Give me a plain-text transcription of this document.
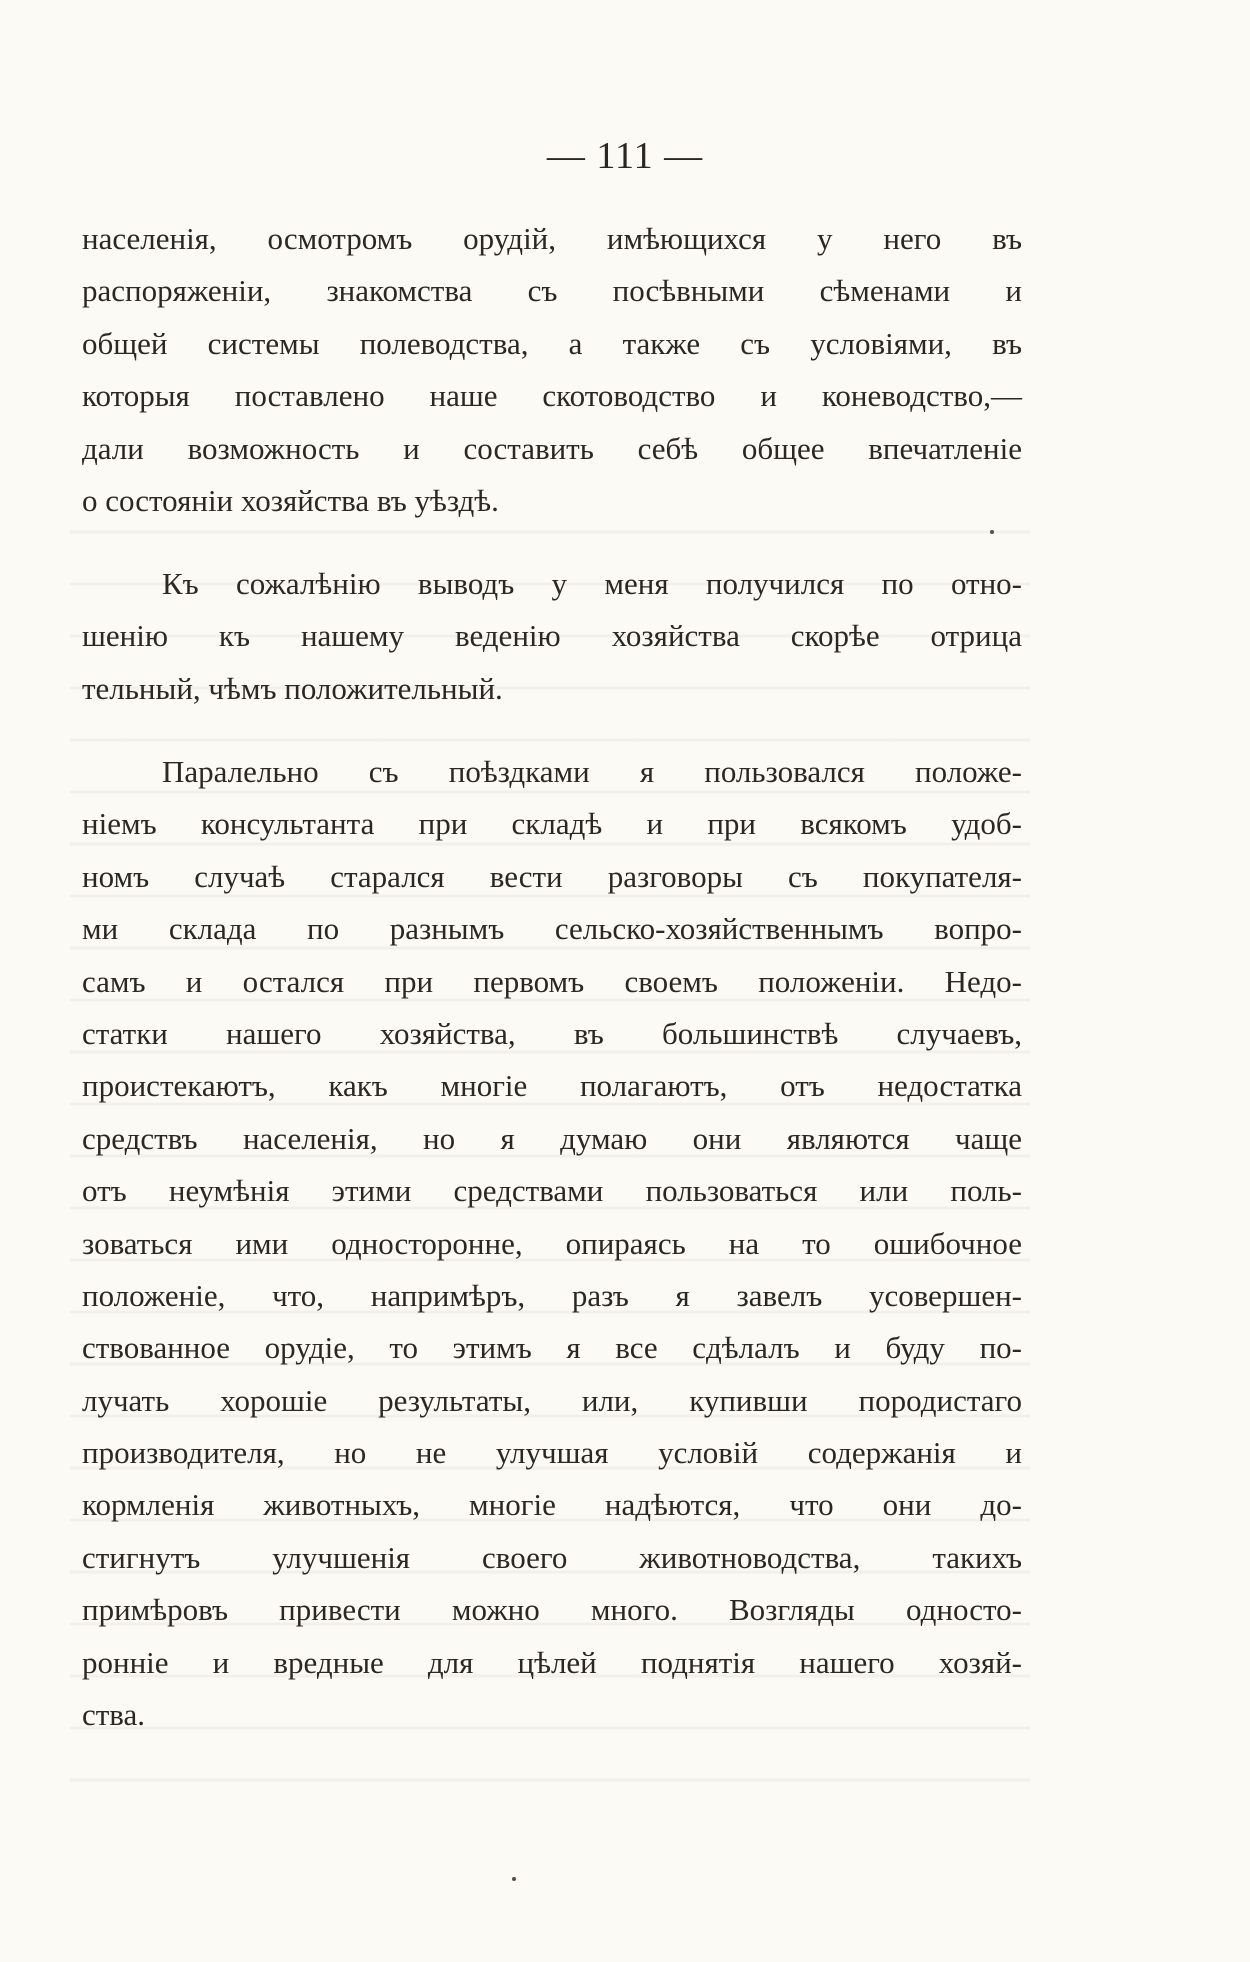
— 111 —
населенія, осмотромъ орудій, имѣющихся у него въ
распоряженіи, знакомства съ посѣвными сѣменами и
общей системы полеводства, а также съ условіями, въ
которыя поставлено наше скотоводство и коневодство,—
дали возможность и составить себѣ общее впечатленіе
о состояніи хозяйства въ уѣздѣ.
Къ сожалѣнію выводъ у меня получился по отно-
шенію къ нашему веденію хозяйства скорѣе отрица
тельный, чѣмъ положительный.
Паралельно съ поѣздками я пользовался положе-
ніемъ консультанта при складѣ и при всякомъ удоб-
номъ случаѣ старался вести разговоры съ покупателя-
ми склада по разнымъ сельско-хозяйственнымъ вопро-
самъ и остался при первомъ своемъ положеніи. Недо-
статки нашего хозяйства, въ большинствѣ случаевъ,
проистекаютъ, какъ многіе полагаютъ, отъ недостатка
средствъ населенія, но я думаю они являются чаще
отъ неумѣнія этими средствами пользоваться или поль-
зоваться ими односторонне, опираясь на то ошибочное
положеніе, что, напримѣръ, разъ я завелъ усовершен-
ствованное орудіе, то этимъ я все сдѣлалъ и буду по-
лучать хорошіе результаты, или, купивши породистаго
производителя, но не улучшая условій содержанія и
кормленія животныхъ, многіе надѣются, что они до-
стигнутъ улучшенія своего животноводства, такихъ
примѣровъ привести можно много. Возгляды односто-
ронніе и вредные для цѣлей поднятія нашего хозяй-
ства.
